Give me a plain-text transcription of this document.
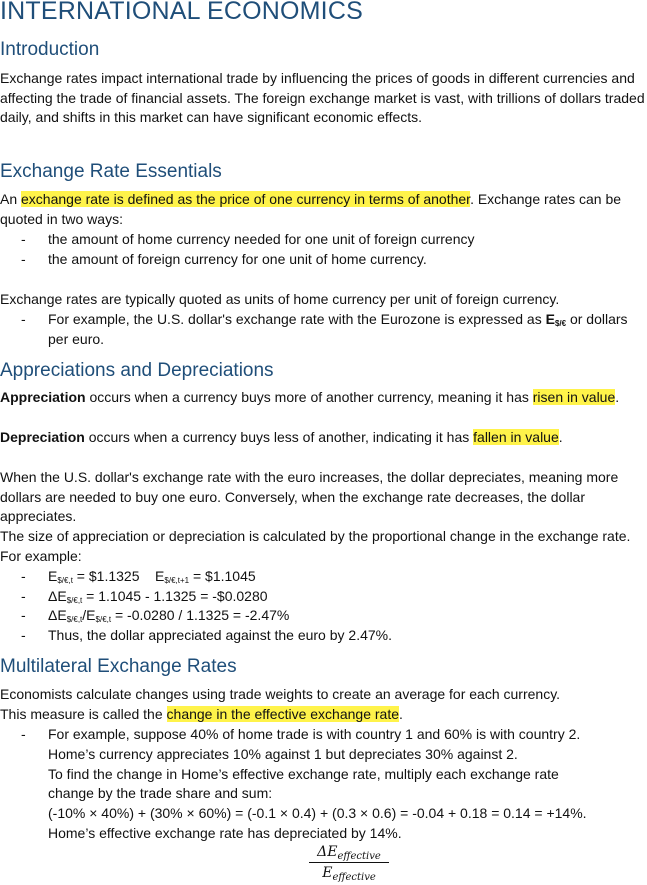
INTERNATIONAL ECONOMICS
Introduction

Exchange rates impact international trade by influencing the prices of goods in different currencies and affecting the trade of financial assets. The foreign exchange market is vast, with trillions of dollars traded daily, and shifts in this market can have significant economic effects.

Exchange Rate Essentials

An exchange rate is defined as the price of one currency in terms of another. Exchange rates can be quoted in two ways:

- the amount of home currency needed for one unit of foreign currency

- the amount of foreign currency for one unit of home currency.

Exchange rates are typically quoted as units of home currency per unit of foreign currency.

- For example, the U.S. dollar's exchange rate with the Eurozone is expressed as $E_{\$/€}$ or dollars per euro.

Appreciations and Depreciations

Appreciation occurs when a currency buys more of another currency, meaning it has risen in value.

Depreciation occurs when a currency buys less of another, indicating it has fallen in value.

When the U.S. dollar's exchange rate with the euro increases, the dollar depreciates, meaning more dollars are needed to buy one euro. Conversely, when the exchange rate decreases, the dollar appreciates.

The size of appreciation or depreciation is calculated by the proportional change in the exchange rate. For example:

- $E_{\$/€,t}$ = $1.1325 $E_{\$/€,t+1}$ = $1.1045

- $\Delta E_{\$/€,t} = 1.1045 - 1.1325$ = -$0.0280

- $\Delta E_{\$/€,t}/E_{\$/€,t} = -0.0280 / 1.1325 = -2.47\%$

- Thus, the dollar appreciated against the euro by 2.47%.

Multilateral Exchange Rates

Economists calculate changes using trade weights to create an average for each currency.

This measure is called the change in the effective exchange rate.

- For example, suppose 40% of home trade is with country 1 and 60% is with country 2.

Home’s currency appreciates 10% against 1 but depreciates 30% against 2.

To find the change in Home’s effective exchange rate, multiply each exchange rate

change by the trade share and sum:

(-10% × 40%) + (30% × 60%) = (-0.1 × 0.4) + (0.3 × 0.6) = -0.04 + 0.18 = 0.14 = +14%.

Home’s effective exchange rate has depreciated by 14%.

$\Delta E_{effective}$
$E_{effective}$
